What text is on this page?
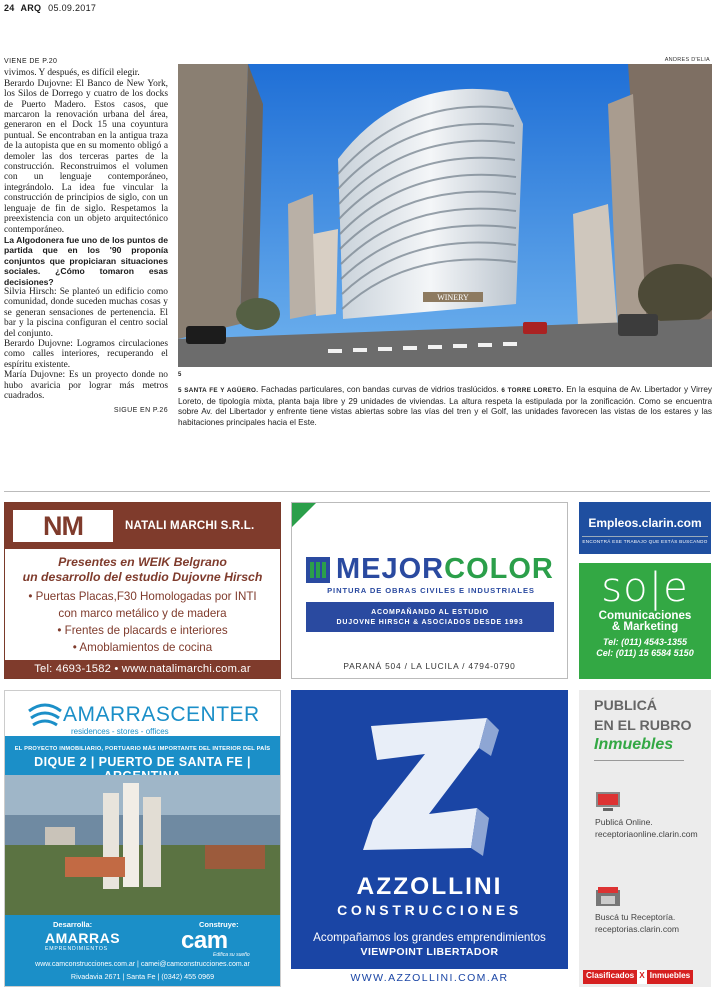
24 ARQ 05.09.2017
VIENE DE P.20

vivimos. Y después, es difícil elegir.

Berardo Dujovne: El Banco de New York, los Silos de Dorrego y cuatro de los docks de Puerto Madero. Estos casos, que marcaron la renovación urbana del área, generaron en el Dock 15 una coyuntura puntual. Se encontraban en la antigua traza de la autopista que en su momento obligó a demoler las dos terceras partes de la construcción. Reconstruimos el volumen con un lenguaje contemporáneo, integrándolo. La idea fue vincular la construcción de principios de siglo, con un lenguaje de fin de siglo. Respetamos la preexistencia con un objeto arquitectónico contemporáneo.

La Algodonera fue uno de los puntos de partida que en los '90 proponía conjuntos que propiciaran situaciones sociales. ¿Cómo tomaron esas decisiones?

Silvia Hirsch: Se planteó un edificio como comunidad, donde suceden muchas cosas y se generan sensaciones de pertenencia. El bar y la piscina configuran el centro social del conjunto.

Berardo Dujovne: Logramos circulaciones como calles interiores, recuperando el espíritu existente.

María Dujovne: Es un proyecto donde no hubo avaricia por lograr más metros cuadrados.

SIGUE EN P.26
ANDRES D'ELIA
WINERY
5
5 SANTA FE Y AGÜERO. Fachadas particulares, con bandas curvas de vidrios traslúcidos. 6 TORRE LORETO. En la esquina de Av. Libertador y Virrey Loreto, de tipología mixta, planta baja libre y 29 unidades de viviendas. La altura respeta la estipulada por la zonificación. Como se encuentra sobre Av. del Libertador y enfrente tiene vistas abiertas sobre las vías del tren y el Golf, las unidades favorecen las vistas de los estares y las habitaciones principales hacia el Este.
NM	NATALI MARCHI S.R.L.
Presentes en WEIK Belgrano
un desarrollo del estudio Dujovne Hirsch
• Puertas Placas,F30 Homologadas por INTI
con marco metálico y de madera
• Frentes de placards e interiores
• Amoblamientos de cocina
Tel: 4693-1582 • www.natalimarchi.com.ar
MEJORCOLOR
PINTURA DE OBRAS CIVILES E INDUSTRIALES
ACOMPAÑANDO AL ESTUDIO
DUJOVNE HIRSCH & ASOCIADOS DESDE 1993
PARANÁ 504 / LA LUCILA / 4794-0790
Empleos.clarin.com
ENCONTRÁ ESE TRABAJO QUE ESTÁS BUSCANDO
so|e
Comunicaciones
& Marketing
Tel: (011) 4543-1355
Cel: (011) 15 6584 5150
AMARRASCENTER
residences - stores - offices
EL PROYECTO INMOBILIARIO, PORTUARIO MÁS IMPORTANTE DEL INTERIOR DEL PAÍS
DIQUE 2 | PUERTO DE SANTA FE |
Desarrolla:	Construye:
AMARRAS
EMPRENDIMIENTOS	cam
Edifica su sueño
www.camconstrucciones.com.ar | camei@camconstrucciones.com.ar
Rivadavia 2671 | Santa Fe | (0342) 455 0969
AZZOLLINI
CONSTRUCCIONES
Acompañamos los grandes emprendimientos
VIEWPOINT LIBERTADOR
WWW.AZZOLLINI.COM.AR
PUBLICÁ
EN EL RUBRO
Inmuebles
Publicá Online.
receptoriaonline.clarin.com
Buscá tu Receptoría.
receptorias.clarin.com
Clasificados X Inmuebles
